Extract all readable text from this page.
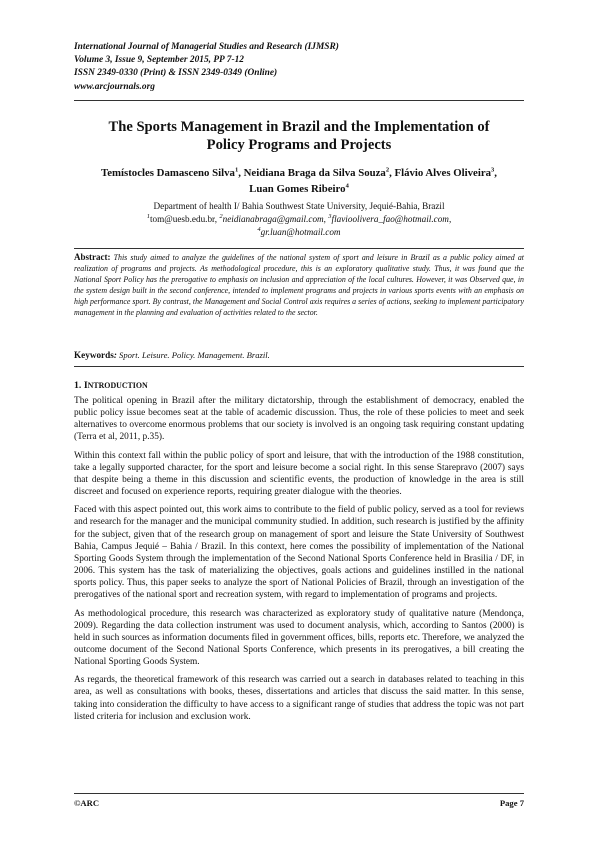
International Journal of Managerial Studies and Research (IJMSR)
Volume 3, Issue 9, September 2015, PP 7-12
ISSN 2349-0330 (Print) & ISSN 2349-0349 (Online)
www.arcjournals.org
The Sports Management in Brazil and the Implementation of
Policy Programs and Projects
Temístocles Damasceno Silva$^1$, Neidiana Braga da Silva Souza$^2$, Flávio Alves Oliveira$^3$,
Luan Gomes Ribeiro$^4$
Department of health I/ Bahia Southwest State University, Jequié-Bahia, Brazil
$^1$tom@uesb.edu.br, $^2$neidianabraga@gmail.com, $^3$flavioolivera_fao@hotmail.com,
$^4$gr.luan@hotmail.com
Abstract: This study aimed to analyze the guidelines of the national system of sport and leisure in Brazil as a public policy aimed at realization of programs and projects. As methodological procedure, this is an exploratory qualitative study. Thus, it was found que the National Sport Policy has the prerogative to emphasis on inclusion and appreciation of the local cultures. However, it was Observed que, in the system design built in the second conference, intended to implement programs and projects in various sports events with an emphasis on high performance sport. By contrast, the Management and Social Control axis requires a series of actions, seeking to implement participatory management in the planning and evaluation of activities related to the sector.
Keywords: Sport. Leisure. Policy. Management. Brazil.
1. INTRODUCTION

The political opening in Brazil after the military dictatorship, through the establishment of democracy, enabled the public policy issue becomes seat at the table of academic discussion. Thus, the role of these policies to meet and seek alternatives to overcome enormous problems that our society is involved is an ongoing task requiring constant updating (Terra et al, 2011, p.35).

Within this context fall within the public policy of sport and leisure, that with the introduction of the 1988 constitution, take a legally supported character, for the sport and leisure become a social right. In this sense Starepravo (2007) says that despite being a theme in this discussion and scientific events, the production of knowledge in the area is still discreet and focused on experience reports, requiring greater dialogue with the theories.

Faced with this aspect pointed out, this work aims to contribute to the field of public policy, served as a tool for reviews and research for the manager and the municipal community studied. In addition, such research is justified by the affinity for the subject, given that of the research group on management of sport and leisure the State University of Southwest Bahia, Campus Jequié – Bahia / Brazil. In this context, here comes the possibility of implementation of the National Sporting Goods System through the implementation of the Second National Sports Conference held in Brasilia / DF, in 2006. This system has the task of materializing the objectives, goals actions and guidelines instilled in the national sports policy. Thus, this paper seeks to analyze the sport of National Policies of Brazil, through an investigation of the prerogatives of the national sport and recreation system, with regard to implementation of programs and projects.

As methodological procedure, this research was characterized as exploratory study of qualitative nature (Mendonça, 2009). Regarding the data collection instrument was used to document analysis, which, according to Santos (2000) is held in such sources as information documents filed in government offices, bills, reports etc. Therefore, we analyzed the outcome document of the Second National Sports Conference, which presents in its prerogatives, a bill creating the National Sporting Goods System.

As regards, the theoretical framework of this research was carried out a search in databases related to teaching in this area, as well as consultations with books, theses, dissertations and articles that discuss the said matter. In this sense, taking into consideration the difficulty to have access to a significant range of studies that address the topic was not part listed criteria for inclusion and exclusion work.

©ARC	Page 7
